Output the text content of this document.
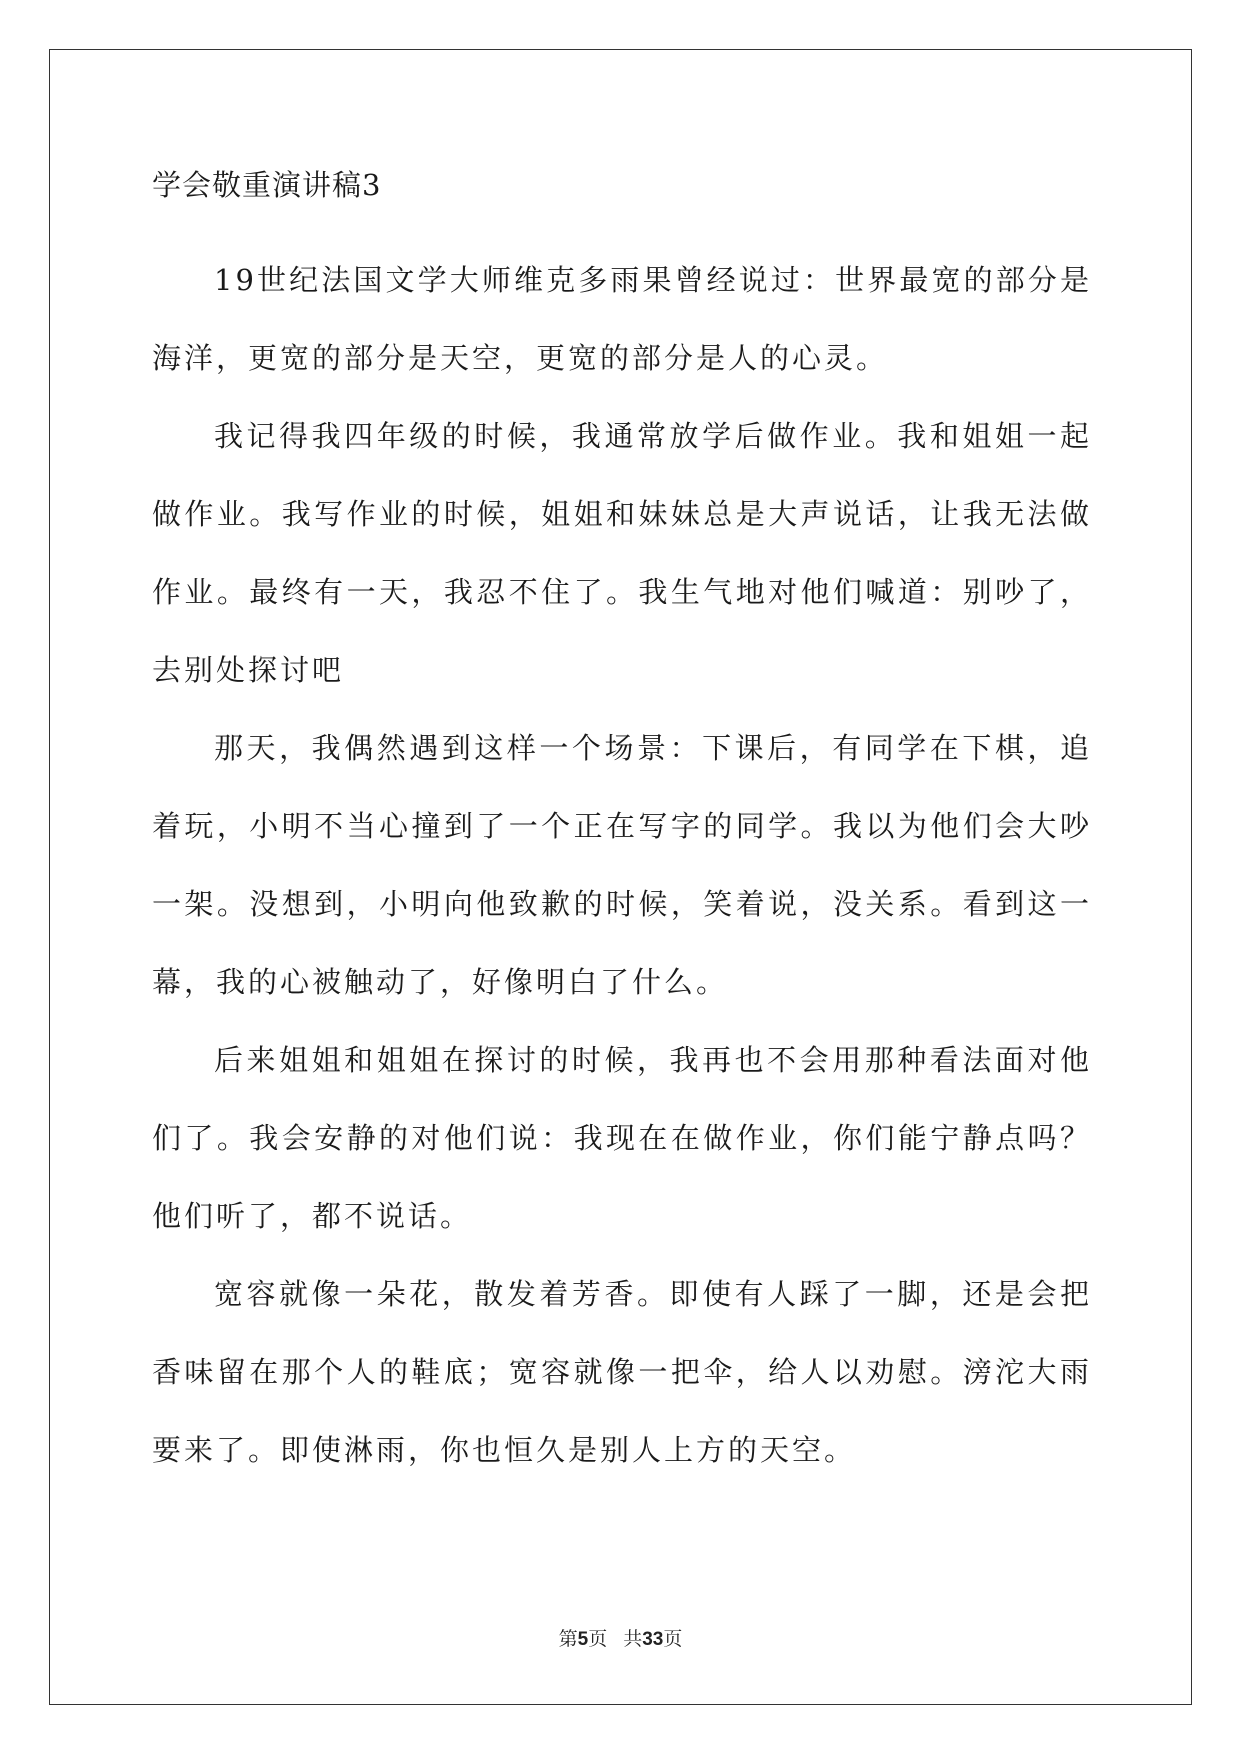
学会敬重演讲稿3

19世纪法国文学大师维克多雨果曾经说过：世界最宽的部分是海洋，更宽的部分是天空，更宽的部分是人的心灵。

我记得我四年级的时候，我通常放学后做作业。我和姐姐一起做作业。我写作业的时候，姐姐和妹妹总是大声说话，让我无法做作业。最终有一天，我忍不住了。我生气地对他们喊道：别吵了，去别处探讨吧

那天，我偶然遇到这样一个场景：下课后，有同学在下棋，追着玩，小明不当心撞到了一个正在写字的同学。我以为他们会大吵一架。没想到，小明向他致歉的时候，笑着说，没关系。看到这一幕，我的心被触动了，好像明白了什么。

后来姐姐和姐姐在探讨的时候，我再也不会用那种看法面对他们了。我会安静的对他们说：我现在在做作业，你们能宁静点吗？他们听了，都不说话。

宽容就像一朵花，散发着芳香。即使有人踩了一脚，还是会把香味留在那个人的鞋底；宽容就像一把伞，给人以劝慰。滂沱大雨要来了。即使淋雨，你也恒久是别人上方的天空。

第5页 共33页
